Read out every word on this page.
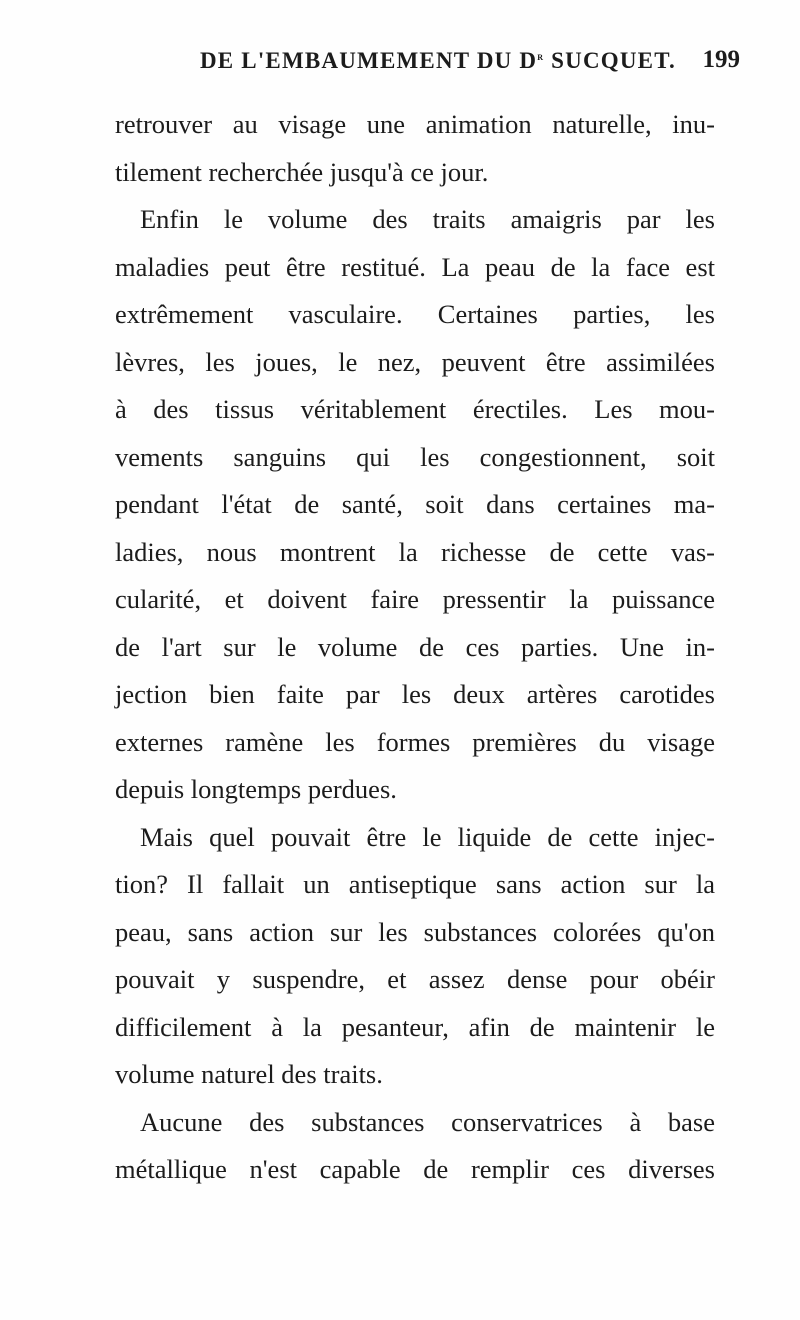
DE L'EMBAUMEMENT DU $D^r$ SUCQUET. 199
retrouver au visage une animation naturelle, inu-
tilement recherchée jusqu'à ce jour.
Enfin le volume des traits amaigris par les
maladies peut être restitué. La peau de la face est
extrêmement vasculaire. Certaines parties, les
lèvres, les joues, le nez, peuvent être assimilées
à des tissus véritablement érectiles. Les mou-
vements sanguins qui les congestionnent, soit
pendant l'état de santé, soit dans certaines ma-
ladies, nous montrent la richesse de cette vas-
cularité, et doivent faire pressentir la puissance
de l'art sur le volume de ces parties. Une in-
jection bien faite par les deux artères carotides
externes ramène les formes premières du visage
depuis longtemps perdues.
Mais quel pouvait être le liquide de cette injec-
tion? Il fallait un antiseptique sans action sur la
peau, sans action sur les substances colorées qu'on
pouvait y suspendre, et assez dense pour obéir
difficilement à la pesanteur, afin de maintenir le
volume naturel des traits.
Aucune des substances conservatrices à base
métallique n'est capable de remplir ces diverses
